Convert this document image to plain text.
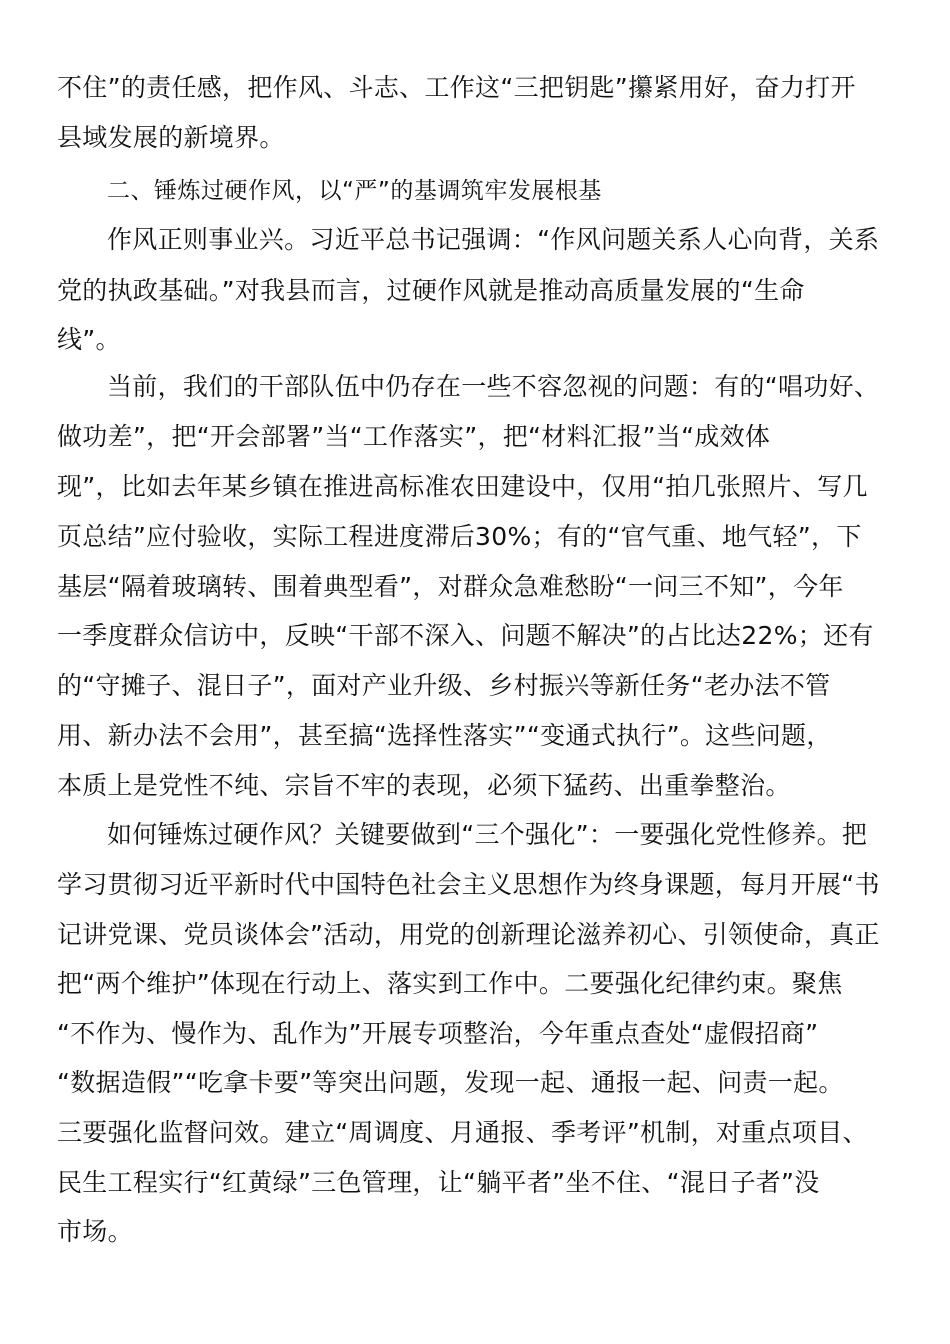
不住”的责任感，把作风、斗志、工作这“三把钥匙”攥紧用好，奋力打开
县域发展的新境界。
二、锤炼过硬作风，以“严”的基调筑牢发展根基
作风正则事业兴。习近平总书记强调：“作风问题关系人心向背，关系
党的执政基础。”对我县而言，过硬作风就是推动高质量发展的“生命
线”。
当前，我们的干部队伍中仍存在一些不容忽视的问题：有的“唱功好、
做功差”，把“开会部署”当“工作落实”，把“材料汇报”当“成效体
现”，比如去年某乡镇在推进高标准农田建设中，仅用“拍几张照片、写几
页总结”应付验收，实际工程进度滞后30%；有的“官气重、地气轻”，下
基层“隔着玻璃转、围着典型看”，对群众急难愁盼“一问三不知”，今年
一季度群众信访中，反映“干部不深入、问题不解决”的占比达22%；还有
的“守摊子、混日子”，面对产业升级、乡村振兴等新任务“老办法不管
用、新办法不会用”，甚至搞“选择性落实”“变通式执行”。这些问题，
本质上是党性不纯、宗旨不牢的表现，必须下猛药、出重拳整治。
如何锤炼过硬作风？关键要做到“三个强化”：一要强化党性修养。把
学习贯彻习近平新时代中国特色社会主义思想作为终身课题，每月开展“书
记讲党课、党员谈体会”活动，用党的创新理论滋养初心、引领使命，真正
把“两个维护”体现在行动上、落实到工作中。二要强化纪律约束。聚焦
“不作为、慢作为、乱作为”开展专项整治，今年重点查处“虚假招商”
“数据造假”“吃拿卡要”等突出问题，发现一起、通报一起、问责一起。
三要强化监督问效。建立“周调度、月通报、季考评”机制，对重点项目、
民生工程实行“红黄绿”三色管理，让“躺平者”坐不住、“混日子者”没
市场。
